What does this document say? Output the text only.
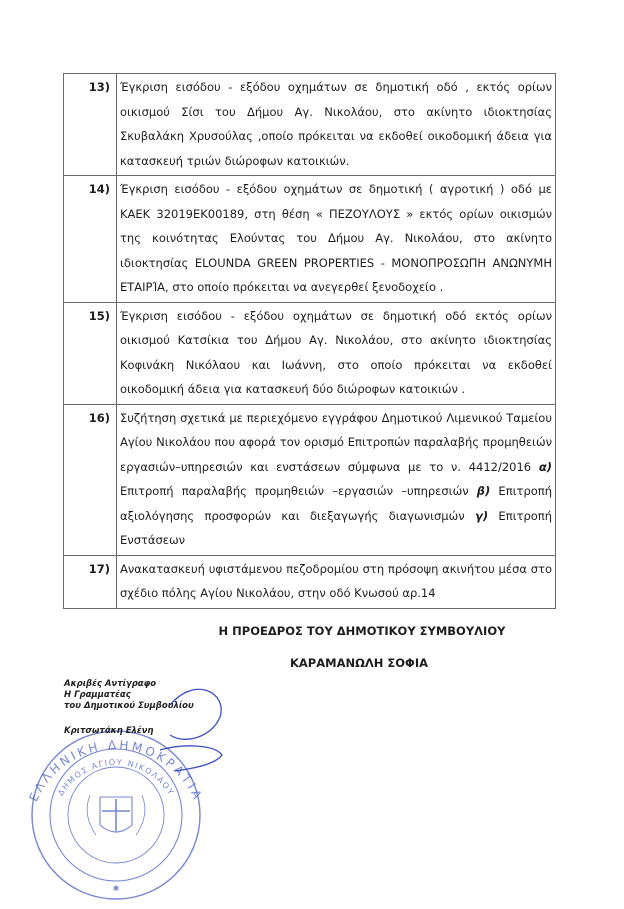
13)	Έγκριση εισόδου - εξόδου οχημάτων σε δημοτική οδό , εκτός ορίων οικισμού Σίσι του Δήμου Αγ. Νικολάου, στο ακίνητο ιδιοκτησίας Σκυβαλάκη Χρυσούλας ,οποίο πρόκειται να εκδοθεί οικοδομική άδεια για κατασκευή τριών διώροφων κατοικιών.
14)	Έγκριση εισόδου - εξόδου οχημάτων σε δημοτική ( αγροτική ) οδό με ΚΑΕΚ 32019ΕΚ00189, στη θέση « ΠΕΖΟΥΛΟΥΣ » εκτός ορίων οικισμών της κοινότητας Ελούντας του Δήμου Αγ. Νικολάου, στο ακίνητο ιδιοκτησίας ELOUNDA GREEN PROPERTIES - ΜΟΝΟΠΡΟΣΩΠΗ ΑΝΩΝΥΜΗ ΕΤΑΙΡΊΑ, στο οποίο πρόκειται να ανεγερθεί ξενοδοχείο .
15)	Έγκριση εισόδου - εξόδου οχημάτων σε δημοτική οδό εκτός ορίων οικισμού Κατσίκια του Δήμου Αγ. Νικολάου, στο ακίνητο ιδιοκτησίας Κοφινάκη Νικόλαου και Ιωάννη, στο οποίο πρόκειται να εκδοθεί οικοδομική άδεια για κατασκευή δύο διώροφων κατοικιών .
16)	Συζήτηση σχετικά με περιεχόμενο εγγράφου Δημοτικού Λιμενικού Ταμείου Αγίου Νικολάου που αφορά τον ορισμό Επιτροπών παραλαβής προμηθειών εργασιών–υπηρεσιών και ενστάσεων σύμφωνα με το ν. 4412/2016 α) Επιτροπή παραλαβής προμηθειών –εργασιών –υπηρεσιών β) Επιτροπή αξιολόγησης προσφορών και διεξαγωγής διαγωνισμών γ) Επιτροπή Ενστάσεων
17)	Ανακατασκευή υφιστάμενου πεζοδρομίου στη πρόσοψη ακινήτου μέσα στο σχέδιο πόλης Αγίου Νικολάου, στην οδό Κνωσού αρ.14
Η ΠΡΟΕΔΡΟΣ ΤΟΥ ΔΗΜΟΤΙΚΟΥ ΣΥΜΒΟΥΛΙΟΥ
ΚΑΡΑΜΑΝΩΛΗ ΣΟΦΙΑ
✱
ΕΛΛΗΝΙΚΗ ΔΗΜΟΚΡΑΤΙΑ
ΔΗΜΟΣ ΑΓΙΟΥ ΝΙΚΟΛΑΟΥ
Ακριβές Αντίγραφο
Η Γραμματέας
του Δημοτικού Συμβουλίου
Κριτσωτάκη Ελένη
